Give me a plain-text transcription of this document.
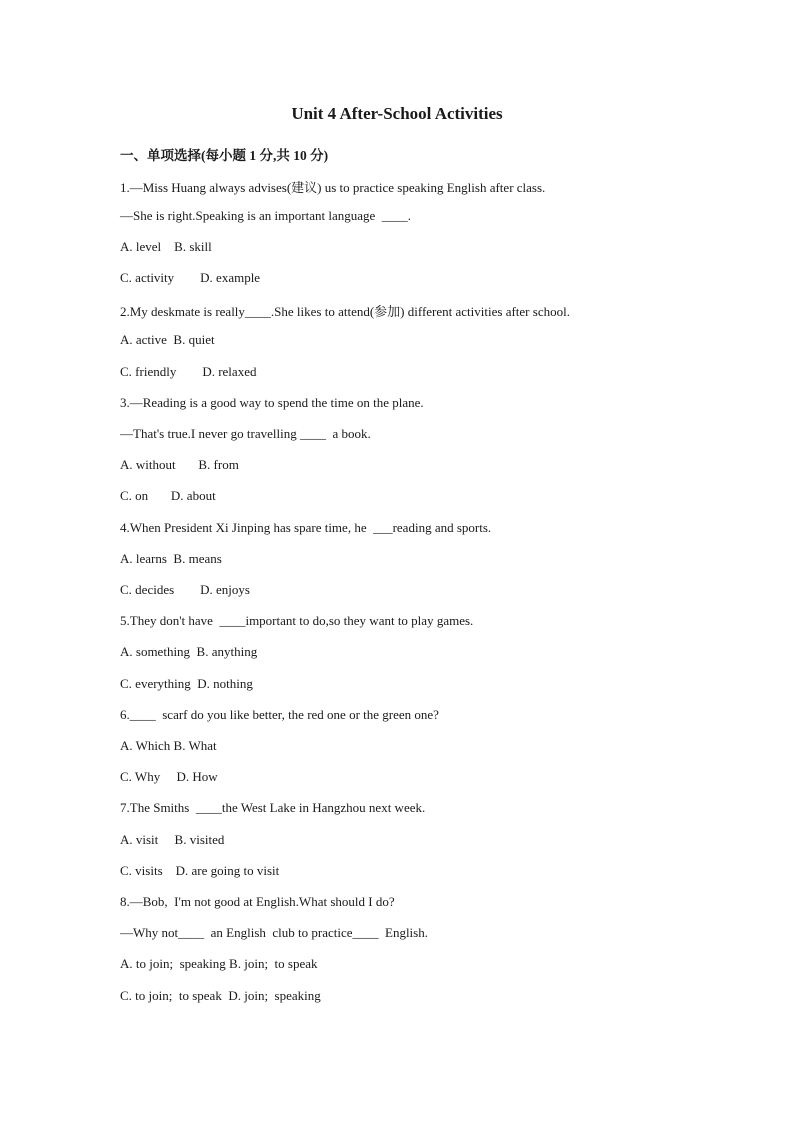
Unit 4 After-School Activities
一、单项选择(每小题 1 分,共 10 分)
1.—Miss Huang always advises(建议) us to practice speaking English after class.
—She is right.Speaking is an important language  ____.
A. level    B. skill
C. activity        D. example
2.My deskmate is really____.She likes to attend(参加) different activities after school.
A. active  B. quiet
C. friendly        D. relaxed
3.—Reading is a good way to spend the time on the plane.
—That's true.I never go travelling ____  a book.
A. without       B. from
C. on       D. about
4.When President Xi Jinping has spare time, he  ___reading and sports.
A. learns  B. means
C. decides        D. enjoys
5.They don't have  ____important to do,so they want to play games.
A. something  B. anything
C. everything  D. nothing
6.____  scarf do you like better, the red one or the green one?
A. Which B. What
C. Why     D. How
7.The Smiths  ____the West Lake in Hangzhou next week.
A. visit     B. visited
C. visits    D. are going to visit
8.—Bob,  I'm not good at English.What should I do?
—Why not____  an English  club to practice____  English.
A. to join;  speaking B. join;  to speak
C. to join;  to speak  D. join;  speaking
